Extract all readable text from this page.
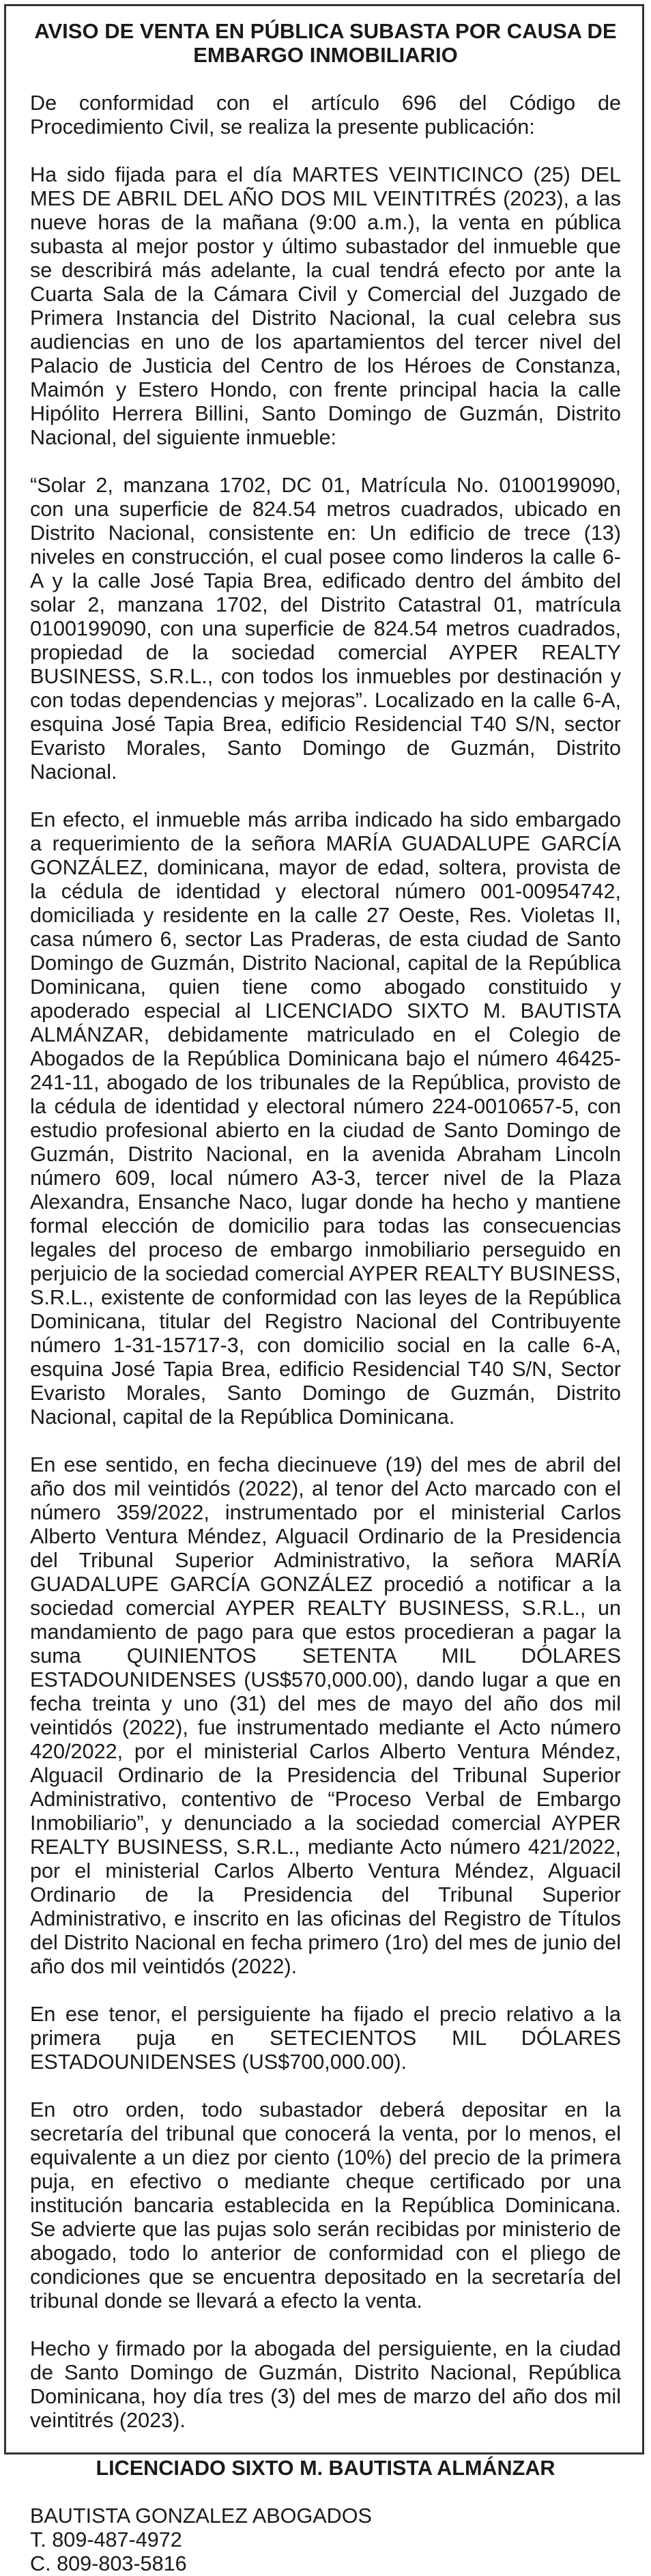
AVISO DE VENTA EN PÚBLICA SUBASTA POR CAUSA DE EMBARGO INMOBILIARIO

De conformidad con el artículo 696 del Código de Procedimiento Civil, se realiza la presente publicación:

Ha sido fijada para el día MARTES VEINTICINCO (25) DEL MES DE ABRIL DEL AÑO DOS MIL VEINTITRÉS (2023), a las nueve horas de la mañana (9:00 a.m.), la venta en pública subasta al mejor postor y último subastador del inmueble que se describirá más adelante, la cual tendrá efecto por ante la Cuarta Sala de la Cámara Civil y Comercial del Juzgado de Primera Instancia del Distrito Nacional, la cual celebra sus audiencias en uno de los apartamientos del tercer nivel del Palacio de Justicia del Centro de los Héroes de Constanza, Maimón y Estero Hondo, con frente principal hacia la calle Hipólito Herrera Billini, Santo Domingo de Guzmán, Distrito Nacional, del siguiente inmueble:

“Solar 2, manzana 1702, DC 01, Matrícula No. 0100199090, con una superficie de 824.54 metros cuadrados, ubicado en Distrito Nacional, consistente en: Un edificio de trece (13) niveles en construcción, el cual posee como linderos la calle 6-A y la calle José Tapia Brea, edificado dentro del ámbito del solar 2, manzana 1702, del Distrito Catastral 01, matrícula 0100199090, con una superficie de 824.54 metros cuadrados, propiedad de la sociedad comercial AYPER REALTY BUSINESS, S.R.L., con todos los inmuebles por destinación y con todas dependencias y mejoras”. Localizado en la calle 6-A, esquina José Tapia Brea, edificio Residencial T40 S/N, sector Evaristo Morales, Santo Domingo de Guzmán, Distrito Nacional.

En efecto, el inmueble más arriba indicado ha sido embargado a requerimiento de la señora MARÍA GUADALUPE GARCÍA GONZÁLEZ, dominicana, mayor de edad, soltera, provista de la cédula de identidad y electoral número 001-00954742, domiciliada y residente en la calle 27 Oeste, Res. Violetas II, casa número 6, sector Las Praderas, de esta ciudad de Santo Domingo de Guzmán, Distrito Nacional, capital de la República Dominicana, quien tiene como abogado constituido y apoderado especial al LICENCIADO SIXTO M. BAUTISTA ALMÁNZAR, debidamente matriculado en el Colegio de Abogados de la República Dominicana bajo el número 46425-241-11, abogado de los tribunales de la República, provisto de la cédula de identidad y electoral número 224-0010657-5, con estudio profesional abierto en la ciudad de Santo Domingo de Guzmán, Distrito Nacional, en la avenida Abraham Lincoln número 609, local número A3-3, tercer nivel de la Plaza Alexandra, Ensanche Naco, lugar donde ha hecho y mantiene formal elección de domicilio para todas las consecuencias legales del proceso de embargo inmobiliario perseguido en perjuicio de la sociedad comercial AYPER REALTY BUSINESS, S.R.L., existente de conformidad con las leyes de la República Dominicana, titular del Registro Nacional del Contribuyente número 1-31-15717-3, con domicilio social en la calle 6-A, esquina José Tapia Brea, edificio Residencial T40 S/N, Sector Evaristo Morales, Santo Domingo de Guzmán, Distrito Nacional, capital de la República Dominicana.

En ese sentido, en fecha diecinueve (19) del mes de abril del año dos mil veintidós (2022), al tenor del Acto marcado con el número 359/2022, instrumentado por el ministerial Carlos Alberto Ventura Méndez, Alguacil Ordinario de la Presidencia del Tribunal Superior Administrativo, la señora MARÍA GUADALUPE GARCÍA GONZÁLEZ procedió a notificar a la sociedad comercial AYPER REALTY BUSINESS, S.R.L., un mandamiento de pago para que estos procedieran a pagar la suma QUINIENTOS SETENTA MIL DÓLARES ESTADOUNIDENSES (US$570,000.00), dando lugar a que en fecha treinta y uno (31) del mes de mayo del año dos mil veintidós (2022), fue instrumentado mediante el Acto número 420/2022, por el ministerial Carlos Alberto Ventura Méndez, Alguacil Ordinario de la Presidencia del Tribunal Superior Administrativo, contentivo de “Proceso Verbal de Embargo Inmobiliario”, y denunciado a la sociedad comercial AYPER REALTY BUSINESS, S.R.L., mediante Acto número 421/2022, por el ministerial Carlos Alberto Ventura Méndez, Alguacil Ordinario de la Presidencia del Tribunal Superior Administrativo, e inscrito en las oficinas del Registro de Títulos del Distrito Nacional en fecha primero (1ro) del mes de junio del año dos mil veintidós (2022).

En ese tenor, el persiguiente ha fijado el precio relativo a la primera puja en SETECIENTOS MIL DÓLARES ESTADOUNIDENSES (US$700,000.00).

En otro orden, todo subastador deberá depositar en la secretaría del tribunal que conocerá la venta, por lo menos, el equivalente a un diez por ciento (10%) del precio de la primera puja, en efectivo o mediante cheque certificado por una institución bancaria establecida en la República Dominicana. Se advierte que las pujas solo serán recibidas por ministerio de abogado, todo lo anterior de conformidad con el pliego de condiciones que se encuentra depositado en la secretaría del tribunal donde se llevará a efecto la venta.

Hecho y firmado por la abogada del persiguiente, en la ciudad de Santo Domingo de Guzmán, Distrito Nacional, República Dominicana, hoy día tres (3) del mes de marzo del año dos mil veintitrés (2023).

LICENCIADO SIXTO M. BAUTISTA ALMÁNZAR
BAUTISTA GONZALEZ ABOGADOS
T. 809-487-4972
C. 809-803-5816
